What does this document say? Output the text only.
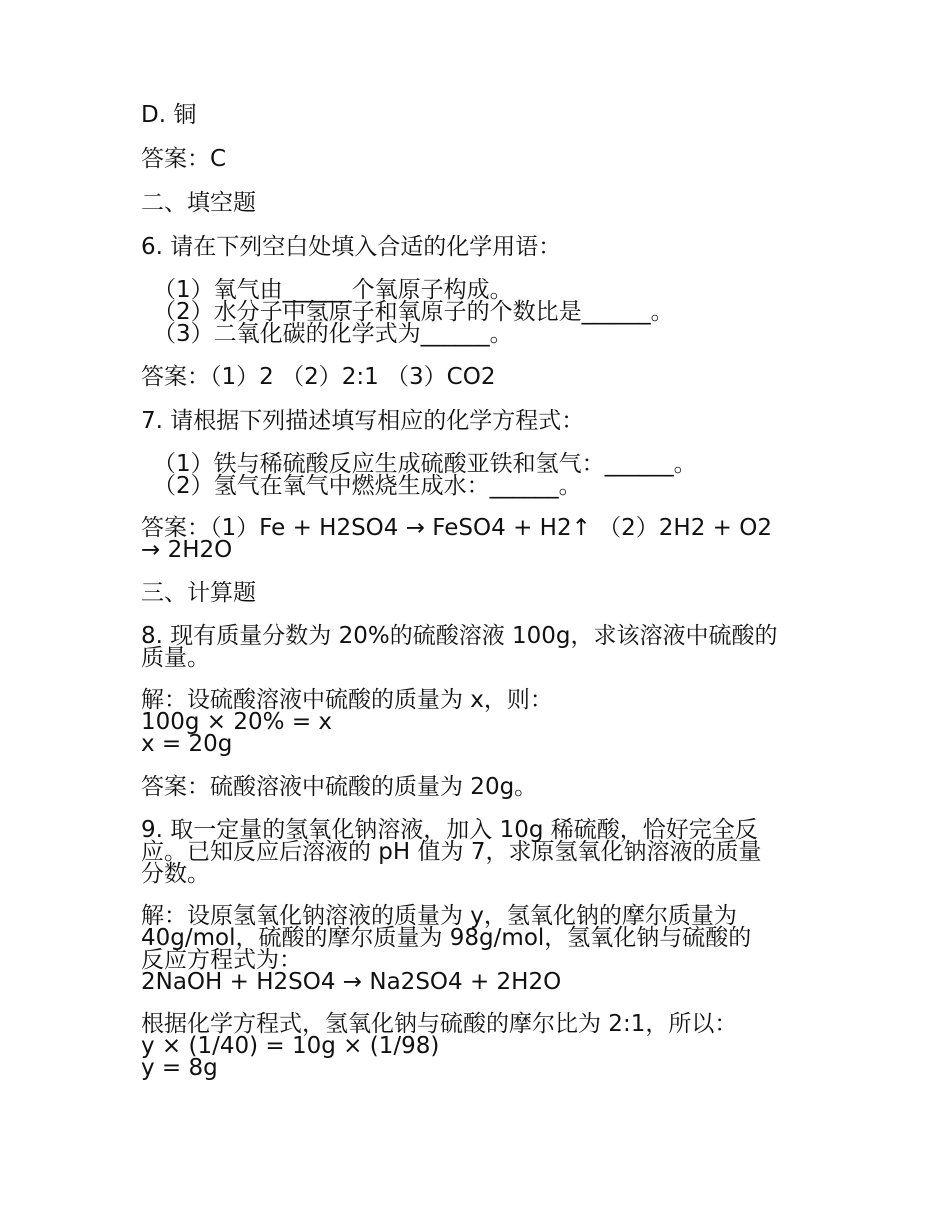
D. 铜
答案：C
二、填空题
6. 请在下列空白处填入合适的化学用语：
（1）氧气由______个氧原子构成。
（2）水分子中氢原子和氧原子的个数比是______。
（3）二氧化碳的化学式为______。
答案：（1）2 （2）2:1 （3）CO2
7. 请根据下列描述填写相应的化学方程式：
（1）铁与稀硫酸反应生成硫酸亚铁和氢气：______。
（2）氢气在氧气中燃烧生成水：______。
答案：（1）Fe + H2SO4 → FeSO4 + H2↑ （2）2H2 + O2
→ 2H2O
三、计算题
8. 现有质量分数为 20%的硫酸溶液 100g，求该溶液中硫酸的
质量。
解：设硫酸溶液中硫酸的质量为 x，则：
100g × 20% = x
x = 20g
答案：硫酸溶液中硫酸的质量为 20g。
9. 取一定量的氢氧化钠溶液，加入 10g 稀硫酸，恰好完全反
应。已知反应后溶液的 pH 值为 7，求原氢氧化钠溶液的质量
分数。
解：设原氢氧化钠溶液的质量为 y，氢氧化钠的摩尔质量为
40g/mol，硫酸的摩尔质量为 98g/mol，氢氧化钠与硫酸的
反应方程式为：
2NaOH + H2SO4 → Na2SO4 + 2H2O
根据化学方程式，氢氧化钠与硫酸的摩尔比为 2:1，所以：
y × (1/40) = 10g × (1/98)
y = 8g
